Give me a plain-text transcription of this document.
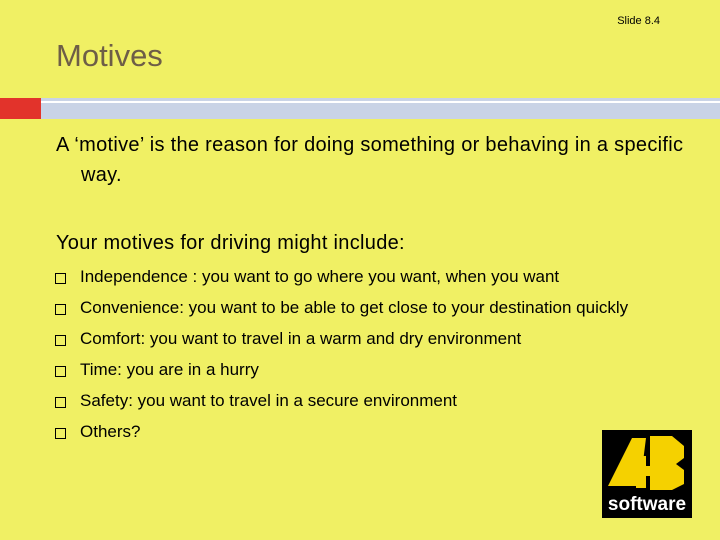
Slide 8.4
Motives

A ‘motive’ is the reason for doing something or behaving in a specific way.

Your motives for driving might include:
Independence : you want to go where you want, when you want
Convenience: you want to be able to get close to your destination quickly
Comfort: you want to travel in a warm and dry environment
Time: you are in a hurry
Safety: you want to travel in a secure environment
Others?
software
